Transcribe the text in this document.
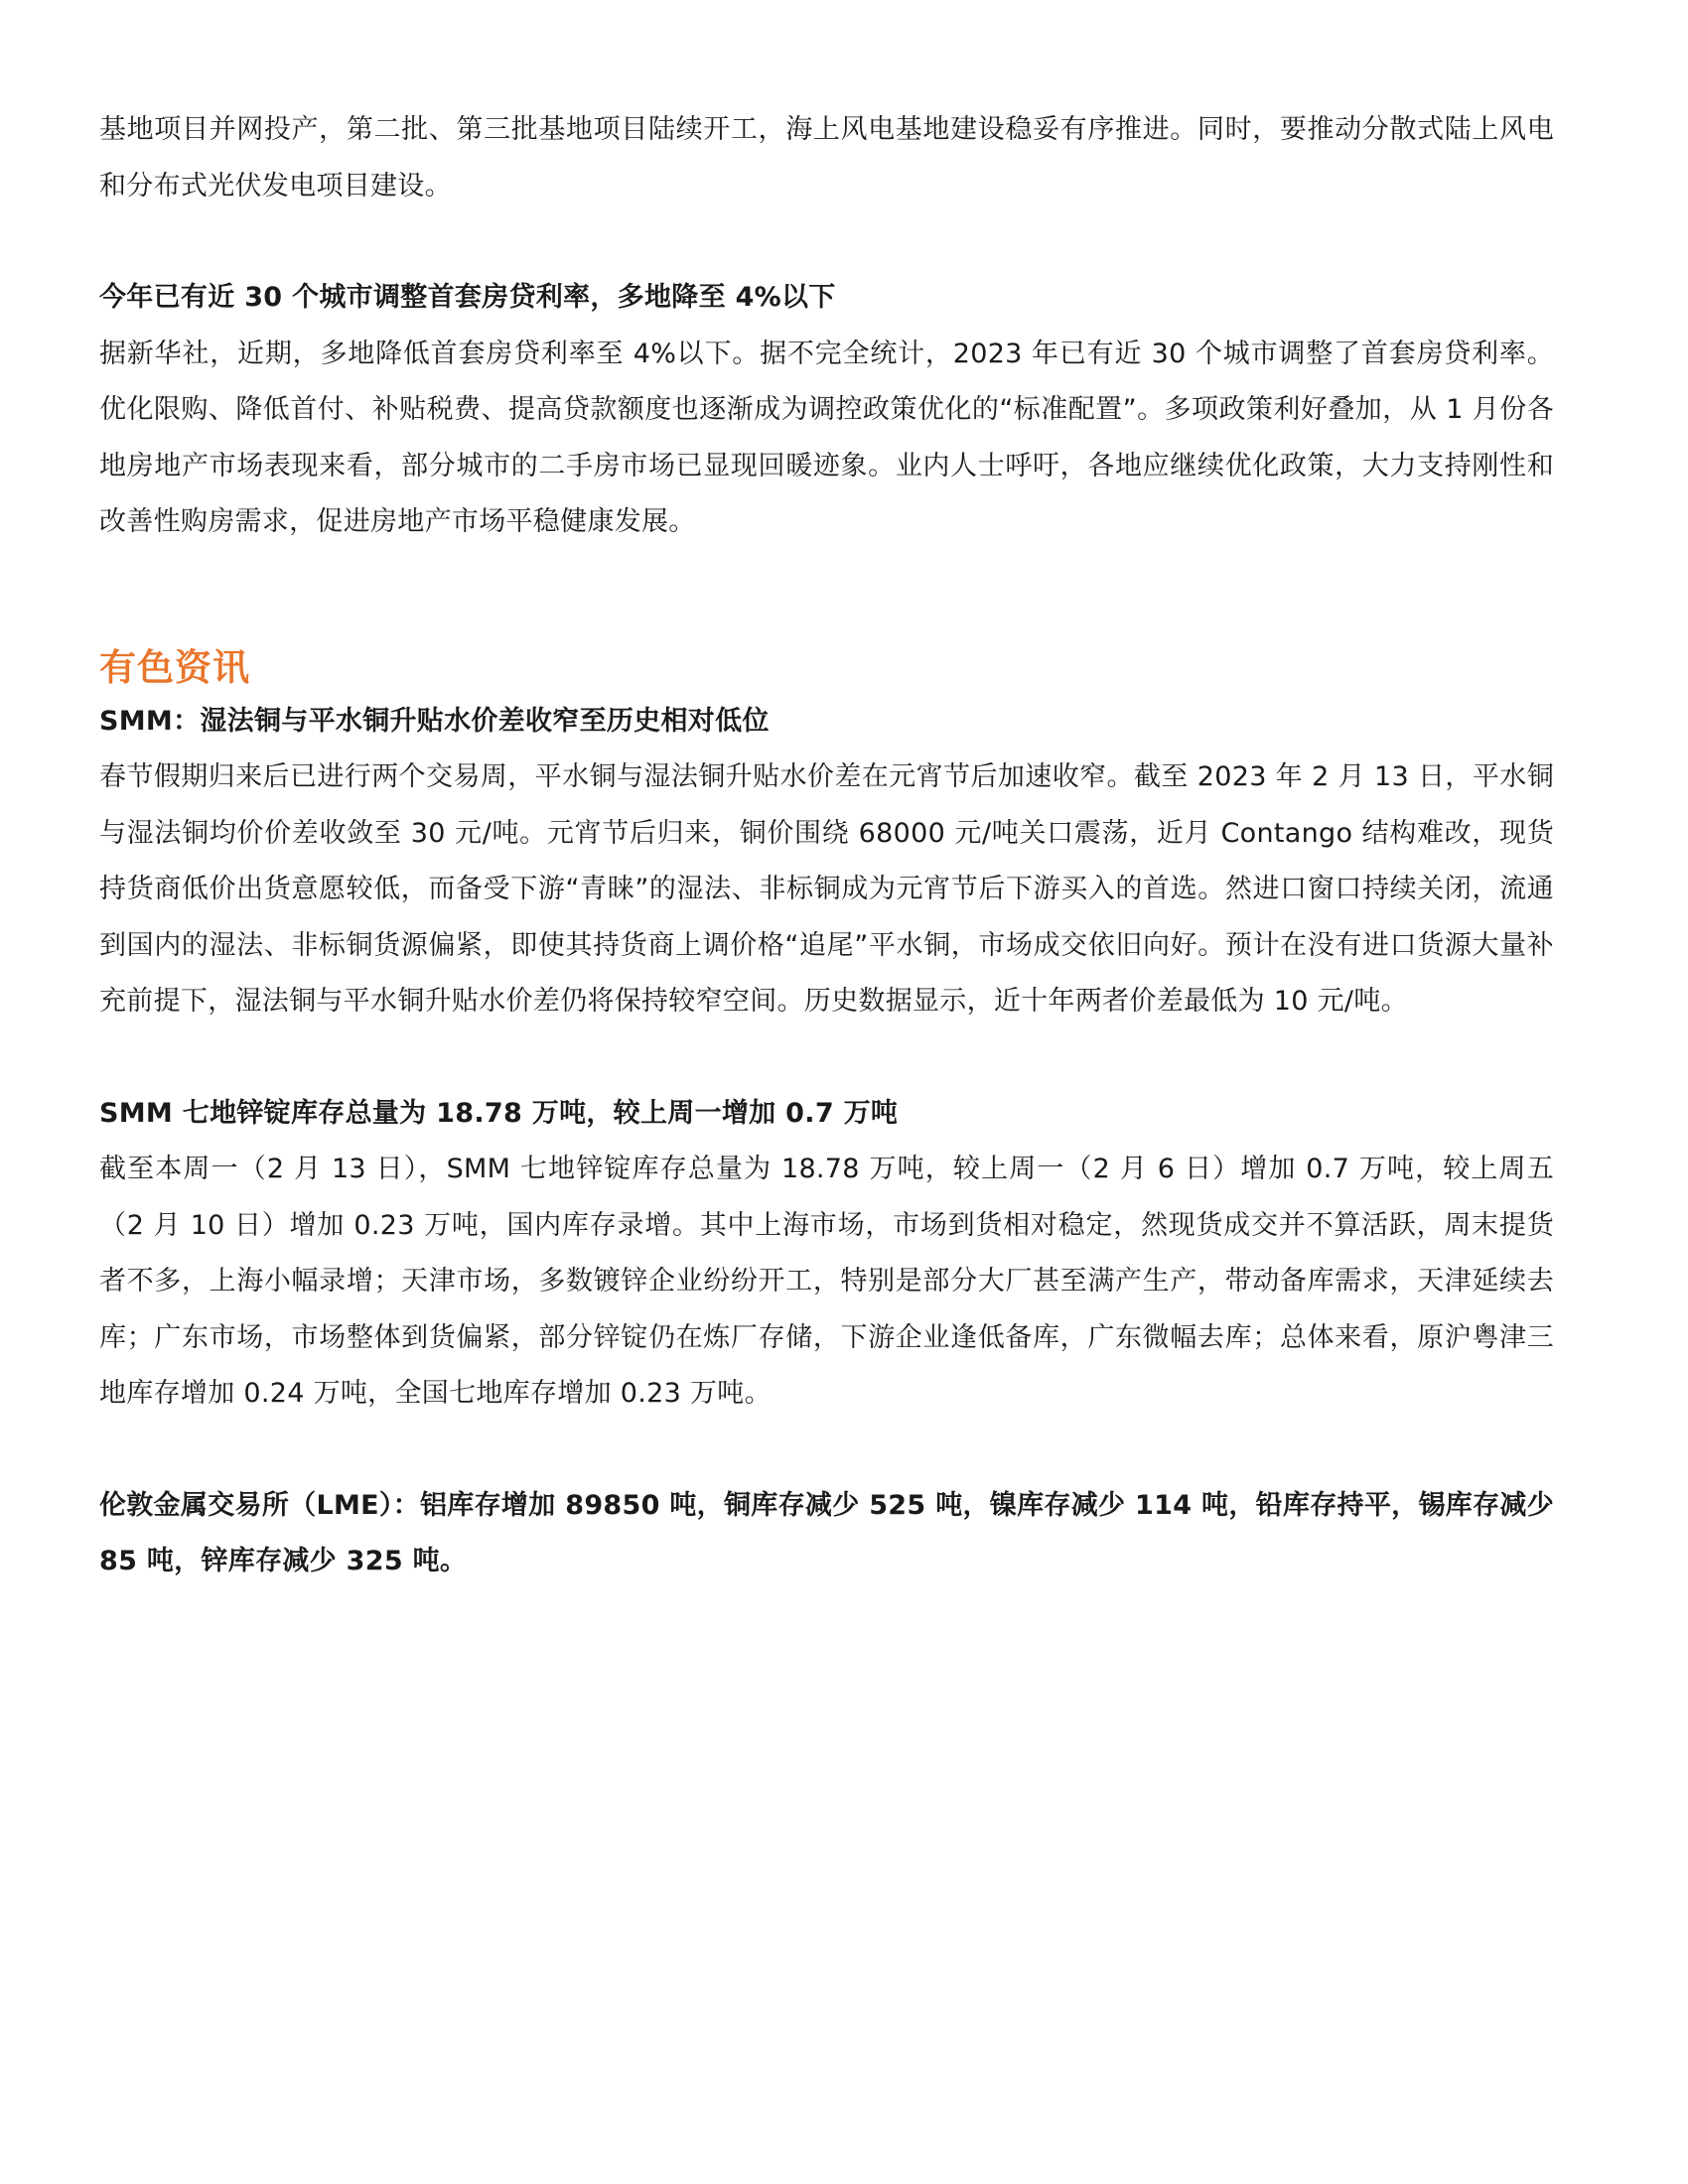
基地项目并网投产，第二批、第三批基地项目陆续开工，海上风电基地建设稳妥有序推进。同时，要推动分散式陆上风电和分布式光伏发电项目建设。

今年已有近 30 个城市调整首套房贷利率，多地降至 4%以下

据新华社，近期，多地降低首套房贷利率至 4%以下。据不完全统计，2023 年已有近 30 个城市调整了首套房贷利率。优化限购、降低首付、补贴税费、提高贷款额度也逐渐成为调控政策优化的“标准配置”。多项政策利好叠加，从 1 月份各地房地产市场表现来看，部分城市的二手房市场已显现回暖迹象。业内人士呼吁，各地应继续优化政策，大力支持刚性和改善性购房需求，促进房地产市场平稳健康发展。

有色资讯

SMM：湿法铜与平水铜升贴水价差收窄至历史相对低位

春节假期归来后已进行两个交易周，平水铜与湿法铜升贴水价差在元宵节后加速收窄。截至 2023 年 2 月 13 日，平水铜与湿法铜均价价差收敛至 30 元/吨。元宵节后归来，铜价围绕 68000 元/吨关口震荡，近月 Contango 结构难改，现货持货商低价出货意愿较低，而备受下游“青睐”的湿法、非标铜成为元宵节后下游买入的首选。然进口窗口持续关闭，流通到国内的湿法、非标铜货源偏紧，即使其持货商上调价格“追尾”平水铜，市场成交依旧向好。预计在没有进口货源大量补充前提下，湿法铜与平水铜升贴水价差仍将保持较窄空间。历史数据显示，近十年两者价差最低为 10 元/吨。

SMM 七地锌锭库存总量为 18.78 万吨，较上周一增加 0.7 万吨

截至本周一（2 月 13 日），SMM 七地锌锭库存总量为 18.78 万吨，较上周一（2 月 6 日）增加 0.7 万吨，较上周五（2 月 10 日）增加 0.23 万吨，国内库存录增。其中上海市场，市场到货相对稳定，然现货成交并不算活跃，周末提货者不多，上海小幅录增；天津市场，多数镀锌企业纷纷开工，特别是部分大厂甚至满产生产，带动备库需求，天津延续去库；广东市场，市场整体到货偏紧，部分锌锭仍在炼厂存储，下游企业逢低备库，广东微幅去库；总体来看，原沪粤津三地库存增加 0.24 万吨，全国七地库存增加 0.23 万吨。

伦敦金属交易所（LME）：铝库存增加 89850 吨，铜库存减少 525 吨，镍库存减少 114 吨，铅库存持平，锡库存减少 85 吨，锌库存减少 325 吨。
